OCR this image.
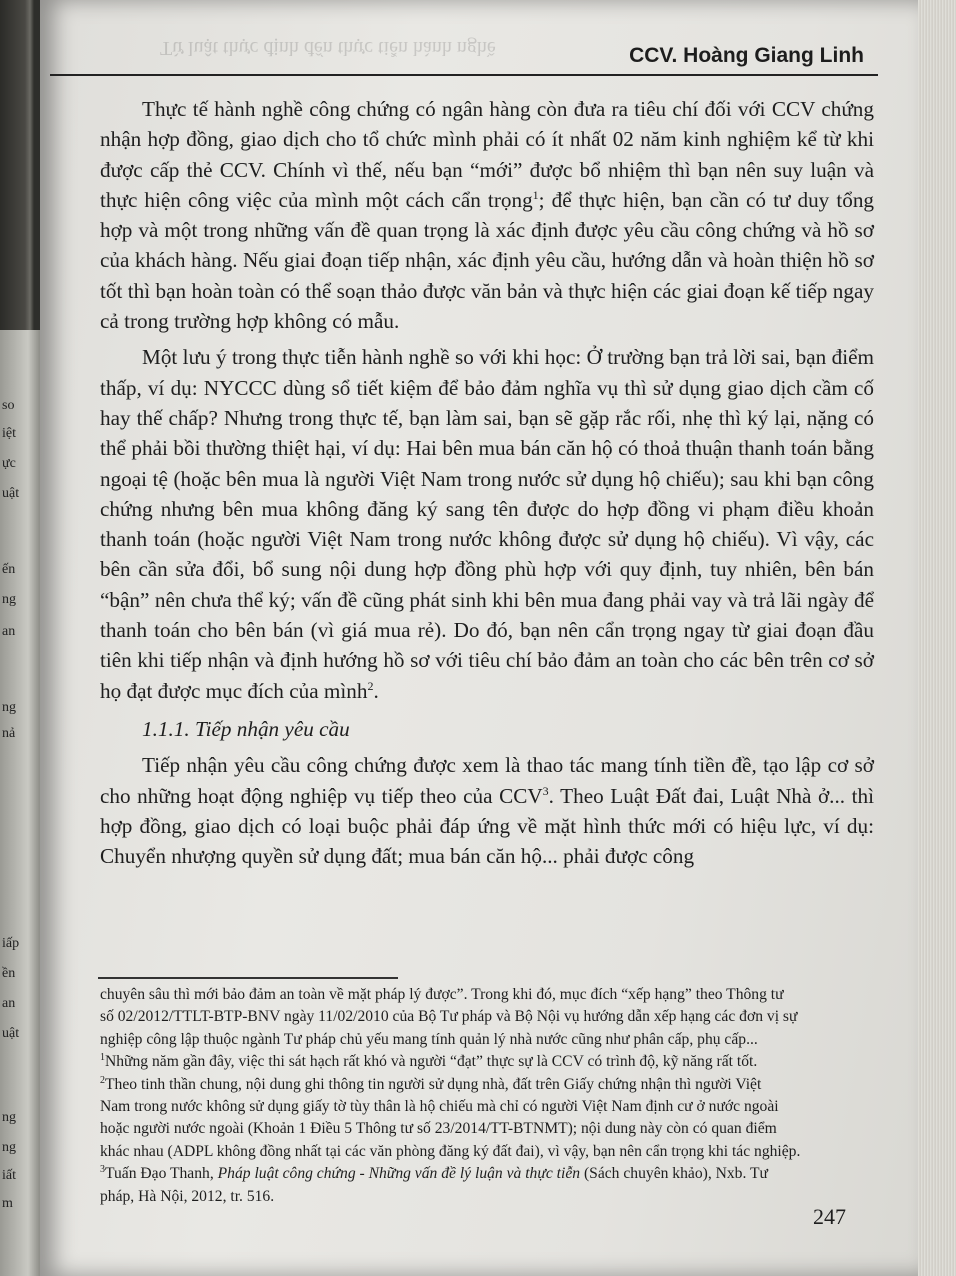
so
iệt
ực
uật
ến
ng
an
ng
nả
iấp
ền
an
uật
ng
ng
iất
m
Từ luật thực định đến thực tiễn hành nghề	CCV. Hoàng Giang Linh

Thực tế hành nghề công chứng có ngân hàng còn đưa ra tiêu chí đối với CCV chứng nhận hợp đồng, giao dịch cho tổ chức mình phải có ít nhất 02 năm kinh nghiệm kể từ khi được cấp thẻ CCV. Chính vì thế, nếu bạn “mới” được bổ nhiệm thì bạn nên suy luận và thực hiện công việc của mình một cách cẩn trọng$^1$; để thực hiện, bạn cần có tư duy tổng hợp và một trong những vấn đề quan trọng là xác định được yêu cầu công chứng và hồ sơ của khách hàng. Nếu giai đoạn tiếp nhận, xác định yêu cầu, hướng dẫn và hoàn thiện hồ sơ tốt thì bạn hoàn toàn có thể soạn thảo được văn bản và thực hiện các giai đoạn kế tiếp ngay cả trong trường hợp không có mẫu.

Một lưu ý trong thực tiễn hành nghề so với khi học: Ở trường bạn trả lời sai, bạn điểm thấp, ví dụ: NYCCC dùng sổ tiết kiệm để bảo đảm nghĩa vụ thì sử dụng giao dịch cầm cố hay thế chấp? Nhưng trong thực tế, bạn làm sai, bạn sẽ gặp rắc rối, nhẹ thì ký lại, nặng có thể phải bồi thường thiệt hại, ví dụ: Hai bên mua bán căn hộ có thoả thuận thanh toán bằng ngoại tệ (hoặc bên mua là người Việt Nam trong nước sử dụng hộ chiếu); sau khi bạn công chứng nhưng bên mua không đăng ký sang tên được do hợp đồng vi phạm điều khoản thanh toán (hoặc người Việt Nam trong nước không được sử dụng hộ chiếu). Vì vậy, các bên cần sửa đổi, bổ sung nội dung hợp đồng phù hợp với quy định, tuy nhiên, bên bán “bận” nên chưa thể ký; vấn đề cũng phát sinh khi bên mua đang phải vay và trả lãi ngày để thanh toán cho bên bán (vì giá mua rẻ). Do đó, bạn nên cẩn trọng ngay từ giai đoạn đầu tiên khi tiếp nhận và định hướng hồ sơ với tiêu chí bảo đảm an toàn cho các bên trên cơ sở họ đạt được mục đích của mình$^2$.

1.1.1. Tiếp nhận yêu cầu

Tiếp nhận yêu cầu công chứng được xem là thao tác mang tính tiền đề, tạo lập cơ sở cho những hoạt động nghiệp vụ tiếp theo của CCV$^3$. Theo Luật Đất đai, Luật Nhà ở... thì hợp đồng, giao dịch có loại buộc phải đáp ứng về mặt hình thức mới có hiệu lực, ví dụ: Chuyển nhượng quyền sử dụng đất; mua bán căn hộ... phải được công

chuyên sâu thì mới bảo đảm an toàn về mặt pháp lý được”. Trong khi đó, mục đích “xếp hạng” theo Thông tư
số 02/2012/TTLT-BTP-BNV ngày 11/02/2010 của Bộ Tư pháp và Bộ Nội vụ hướng dẫn xếp hạng các đơn vị sự
nghiệp công lập thuộc ngành Tư pháp chủ yếu mang tính quản lý nhà nước cũng như phân cấp, phụ cấp...
$^1$Những năm gần đây, việc thi sát hạch rất khó và người “đạt” thực sự là CCV có trình độ, kỹ năng rất tốt.
$^2$Theo tinh thần chung, nội dung ghi thông tin người sử dụng nhà, đất trên Giấy chứng nhận thì người Việt
Nam trong nước không sử dụng giấy tờ tùy thân là hộ chiếu mà chỉ có người Việt Nam định cư ở nước ngoài
hoặc người nước ngoài (Khoản 1 Điều 5 Thông tư số 23/2014/TT-BTNMT); nội dung này còn có quan điểm
khác nhau (ADPL không đồng nhất tại các văn phòng đăng ký đất đai), vì vậy, bạn nên cẩn trọng khi tác nghiệp.
$^3$Tuấn Đạo Thanh, Pháp luật công chứng - Những vấn đề lý luận và thực tiễn (Sách chuyên khảo), Nxb. Tư
pháp, Hà Nội, 2012, tr. 516.
247
